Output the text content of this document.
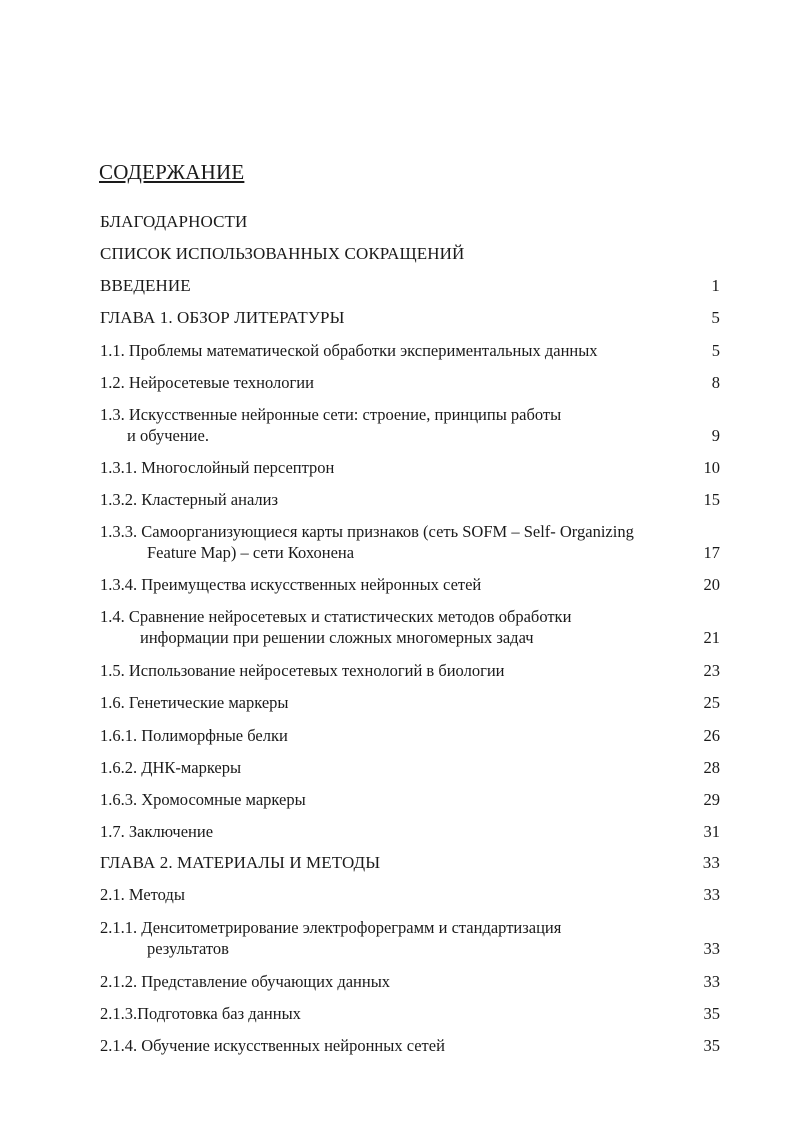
СОДЕРЖАНИЕ
БЛАГОДАРНОСТИ
СПИСОК ИСПОЛЬЗОВАННЫХ СОКРАЩЕНИЙ
ВВЕДЕНИЕ	1
ГЛАВА 1. ОБЗОР ЛИТЕРАТУРЫ	5
1.1. Проблемы математической обработки экспериментальных данных	5
1.2. Нейросетевые технологии	8
1.3. Искусственные нейронные сети: строение, принципы работы
и обучение.	9
1.3.1. Многослойный персептрон	10
1.3.2. Кластерный анализ	15
1.3.3. Самоорганизующиеся карты признаков (сеть SOFM – Self- Organizing
Feature Map) – сети Кохонена	17
1.3.4. Преимущества искусственных нейронных сетей	20
1.4. Сравнение нейросетевых и статистических методов обработки
информации при решении сложных многомерных задач	21
1.5. Использование нейросетевых технологий в биологии	23
1.6. Генетические маркеры	25
1.6.1. Полиморфные белки	26
1.6.2. ДНК-маркеры	28
1.6.3. Хромосомные маркеры	29
1.7. Заключение	31
ГЛАВА 2. МАТЕРИАЛЫ И МЕТОДЫ	33
2.1. Методы	33
2.1.1. Денситометрирование электрофореграмм и стандартизация
результатов	33
2.1.2. Представление обучающих данных	33
2.1.3.Подготовка баз данных	35
2.1.4. Обучение искусственных нейронных сетей	35
